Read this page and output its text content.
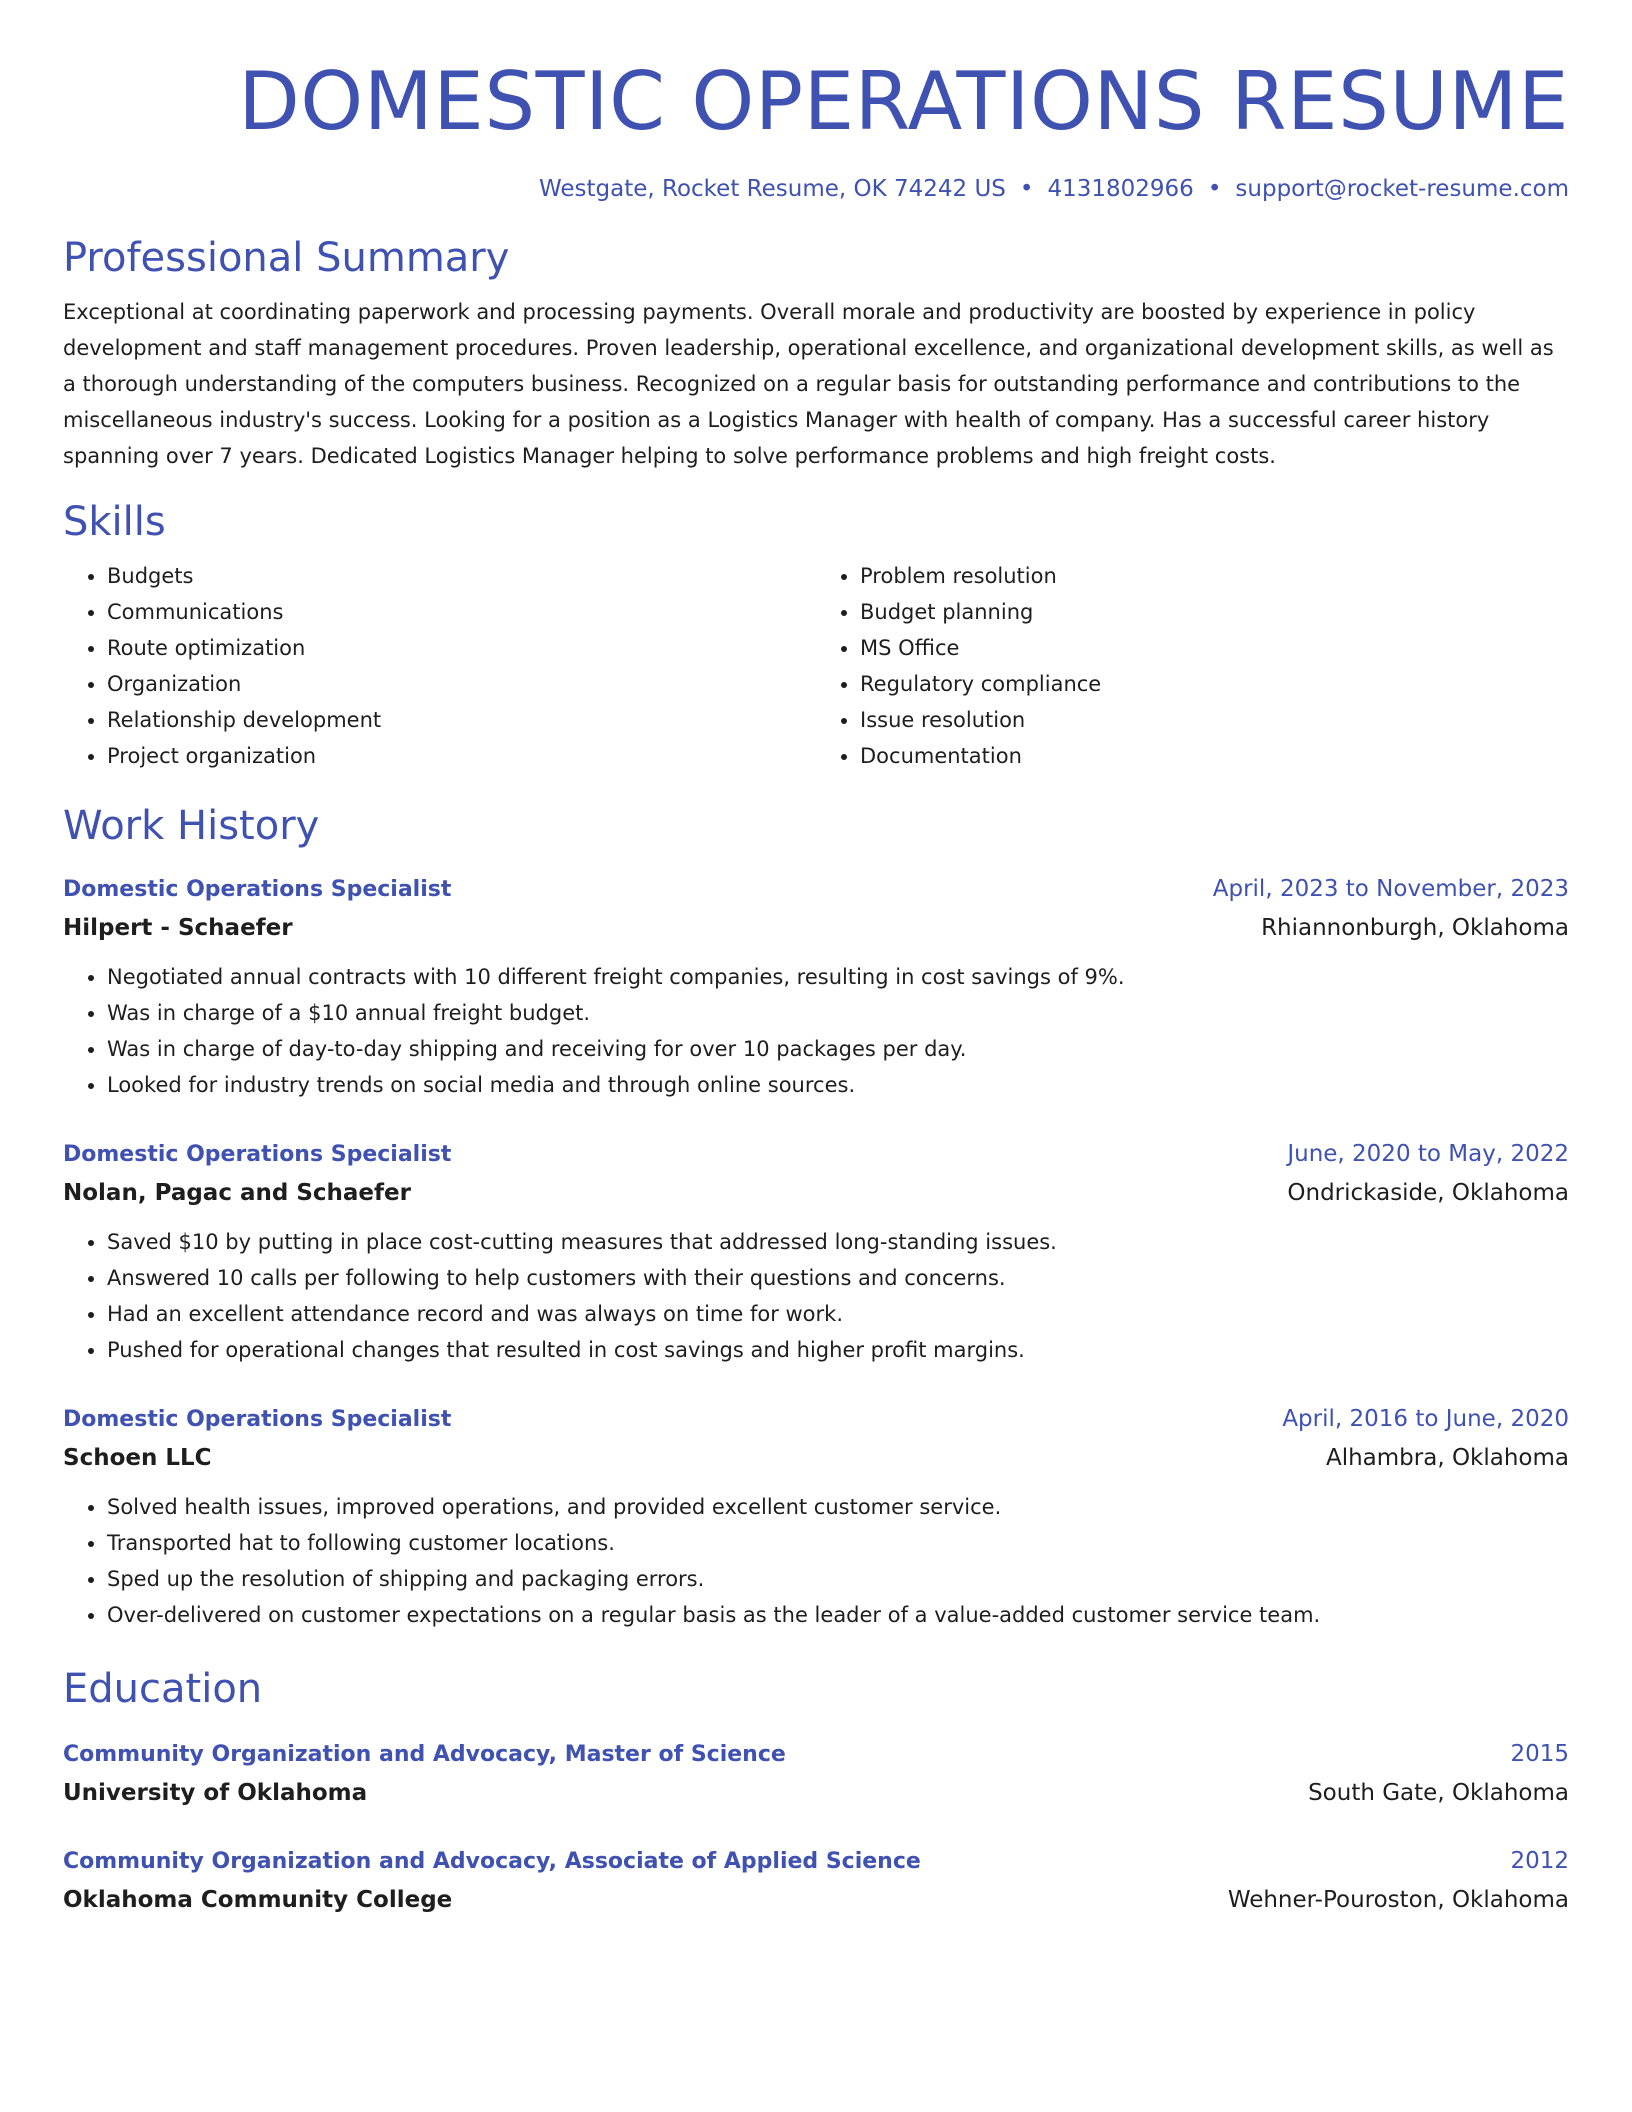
DOMESTIC OPERATIONS RESUME
Westgate, Rocket Resume, OK 74242 US • 4131802966 • support@rocket-resume.com
Professional Summary
Exceptional at coordinating paperwork and processing payments. Overall morale and productivity are boosted by experience in policy development and staff management procedures. Proven leadership, operational excellence, and organizational development skills, as well as a thorough understanding of the computers business. Recognized on a regular basis for outstanding performance and contributions to the miscellaneous industry's success. Looking for a position as a Logistics Manager with health of company. Has a successful career history spanning over 7 years. Dedicated Logistics Manager helping to solve performance problems and high freight costs.
Skills
• Budgets
• Communications
• Route optimization
• Organization
• Relationship development
• Project organization
• Problem resolution
• Budget planning
• MS Office
• Regulatory compliance
• Issue resolution
• Documentation
Work History
Domestic Operations Specialist	April, 2023 to November, 2023
Hilpert - Schaefer	Rhiannonburgh, Oklahoma
• Negotiated annual contracts with 10 different freight companies, resulting in cost savings of 9%.
• Was in charge of a $10 annual freight budget.
• Was in charge of day-to-day shipping and receiving for over 10 packages per day.
• Looked for industry trends on social media and through online sources.
Domestic Operations Specialist	June, 2020 to May, 2022
Nolan, Pagac and Schaefer	Ondrickaside, Oklahoma
• Saved $10 by putting in place cost-cutting measures that addressed long-standing issues.
• Answered 10 calls per following to help customers with their questions and concerns.
• Had an excellent attendance record and was always on time for work.
• Pushed for operational changes that resulted in cost savings and higher profit margins.
Domestic Operations Specialist	April, 2016 to June, 2020
Schoen LLC	Alhambra, Oklahoma
• Solved health issues, improved operations, and provided excellent customer service.
• Transported hat to following customer locations.
• Sped up the resolution of shipping and packaging errors.
• Over-delivered on customer expectations on a regular basis as the leader of a value-added customer service team.
Education
Community Organization and Advocacy, Master of Science	2015
University of Oklahoma	South Gate, Oklahoma
Community Organization and Advocacy, Associate of Applied Science	2012
Oklahoma Community College	Wehner-Pouroston, Oklahoma
